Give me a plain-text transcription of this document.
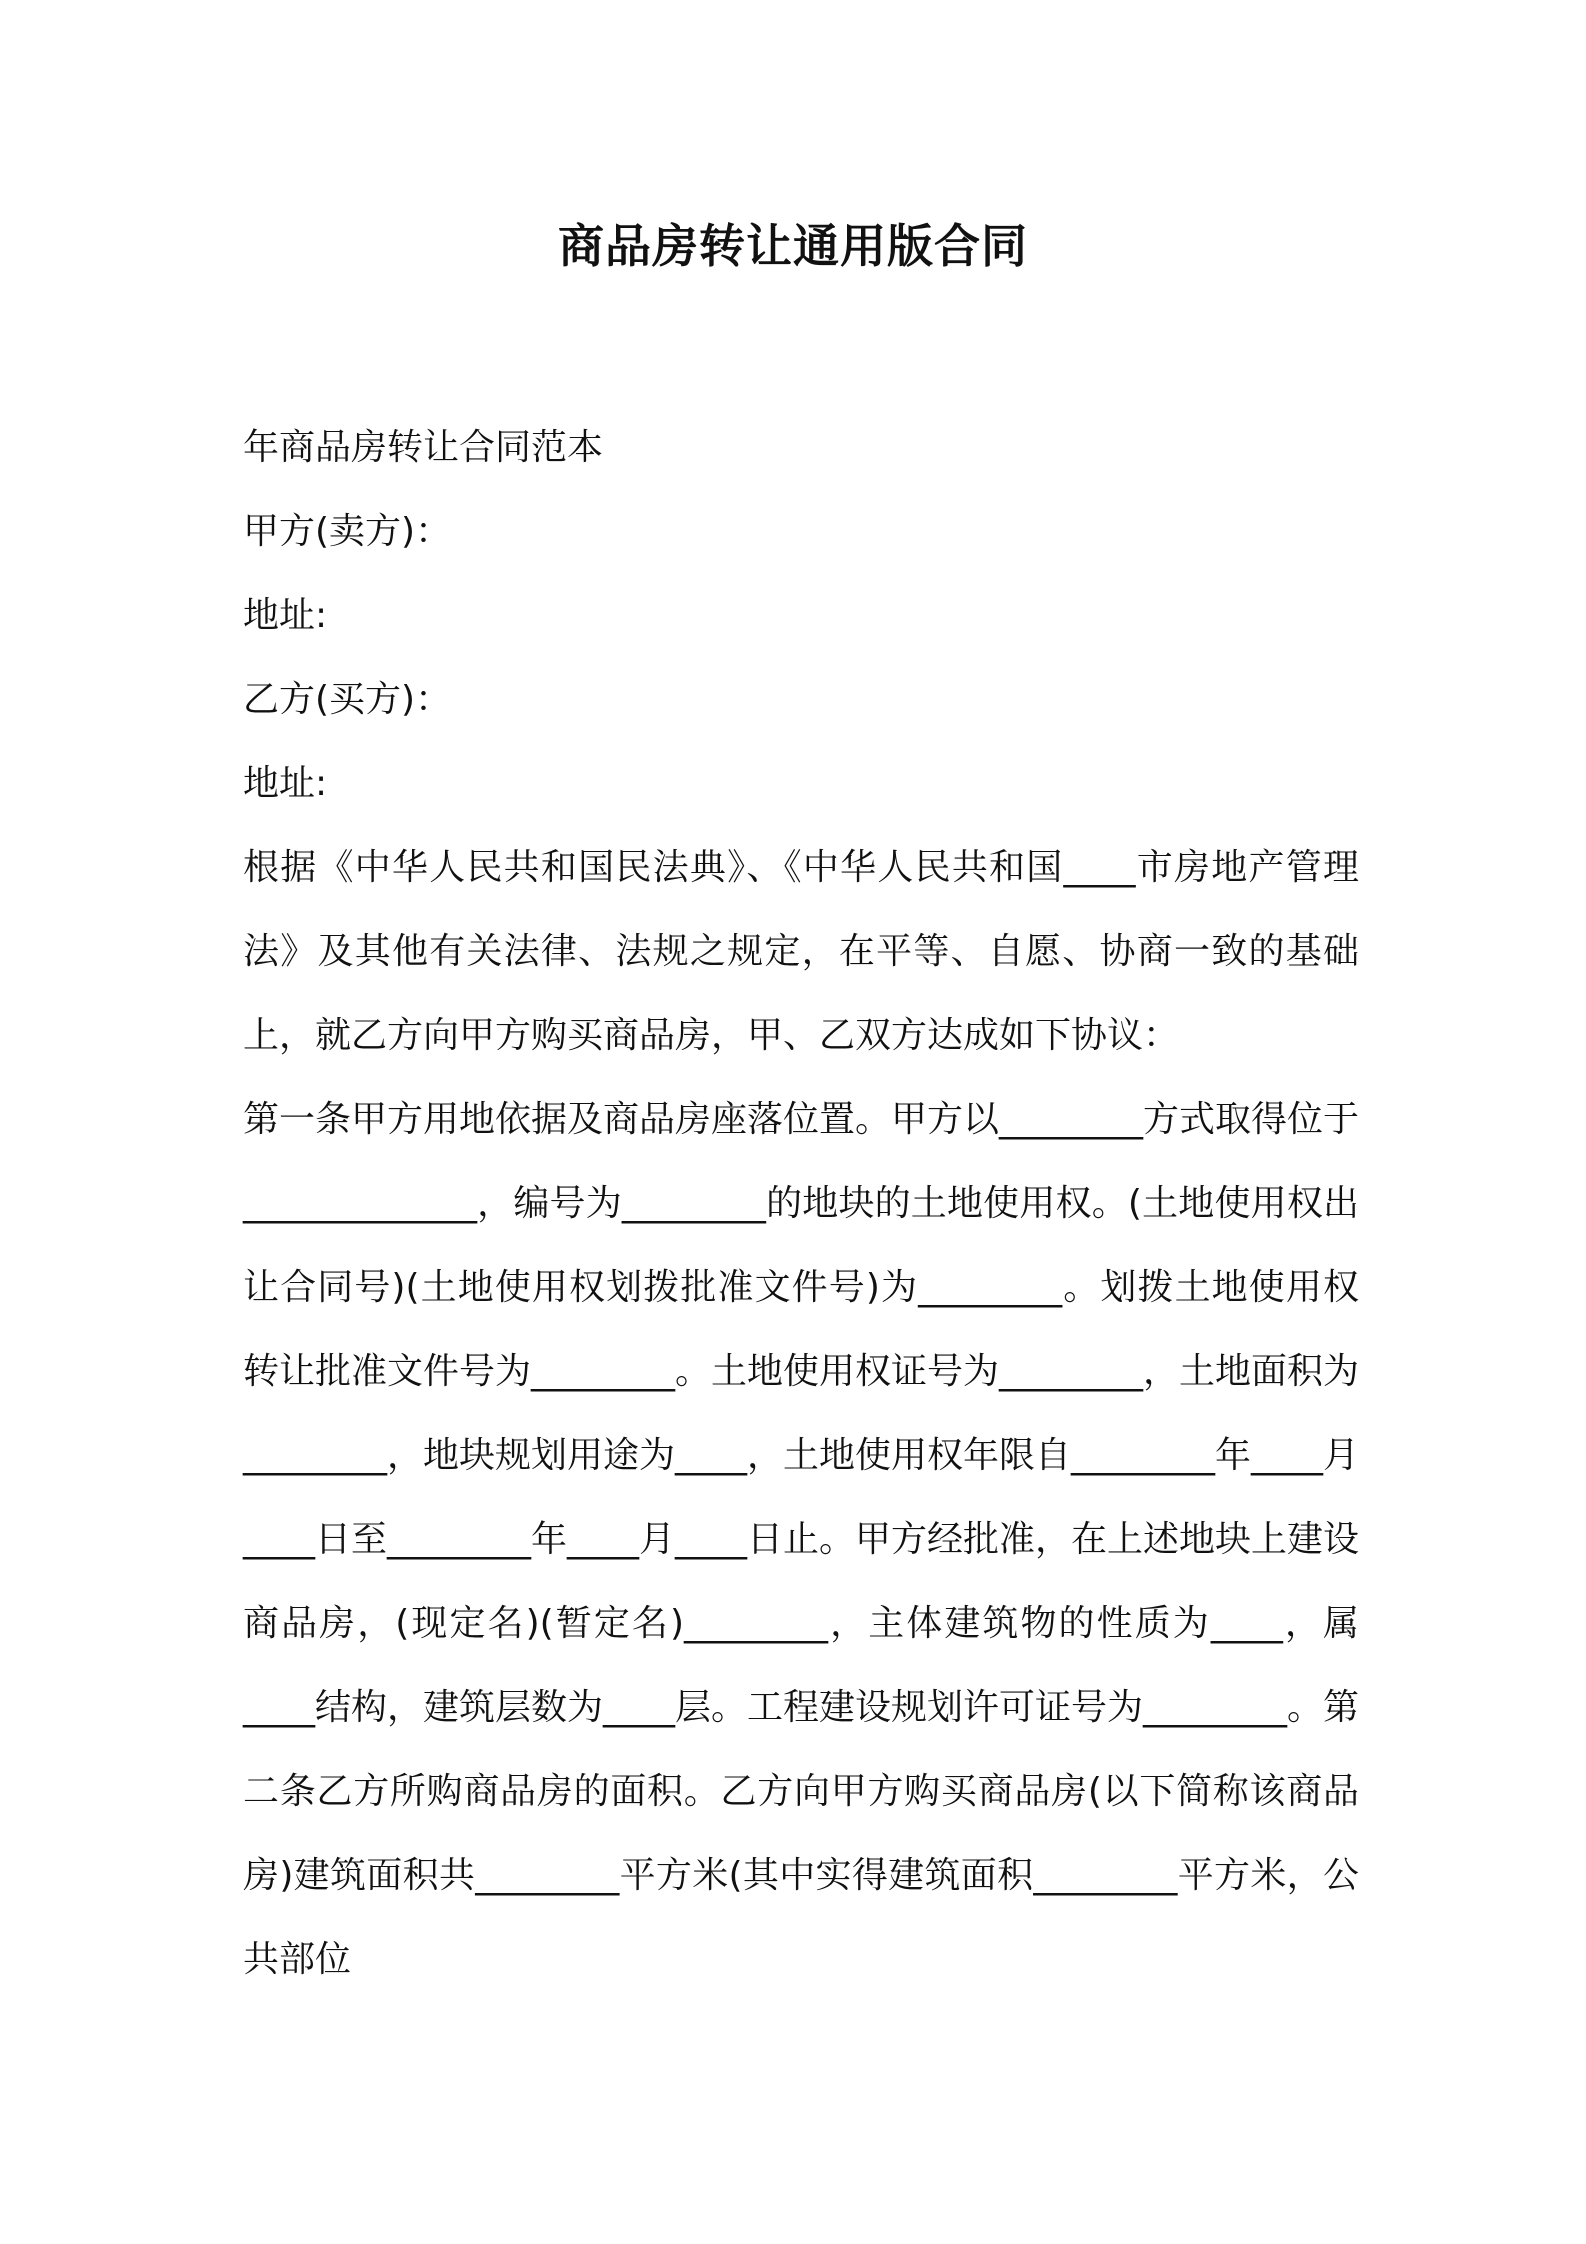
商品房转让通用版合同
年商品房转让合同范本
甲方(卖方)：
地址:
乙方(买方)：
地址:

根据《中华人民共和国民法典》、《中华人民共和国____市房地产管理法》及其他有关法律、法规之规定，在平等、自愿、协商一致的基础上，就乙方向甲方购买商品房，甲、乙双方达成如下协议：

第一条甲方用地依据及商品房座落位置。甲方以________方式取得位于_____________，编号为________的地块的土地使用权。(土地使用权出让合同号)(土地使用权划拨批准文件号)为________。划拨土地使用权转让批准文件号为________。土地使用权证号为________，土地面积为________，地块规划用途为____，土地使用权年限自________年____月____日至________年____月____日止。甲方经批准，在上述地块上建设商品房，(现定名)(暂定名)________，主体建筑物的性质为____，属____结构，建筑层数为____层。工程建设规划许可证号为________。第二条乙方所购商品房的面积。乙方向甲方购买商品房(以下简称该商品房)建筑面积共________平方米(其中实得建筑面积________平方米，公共部位
